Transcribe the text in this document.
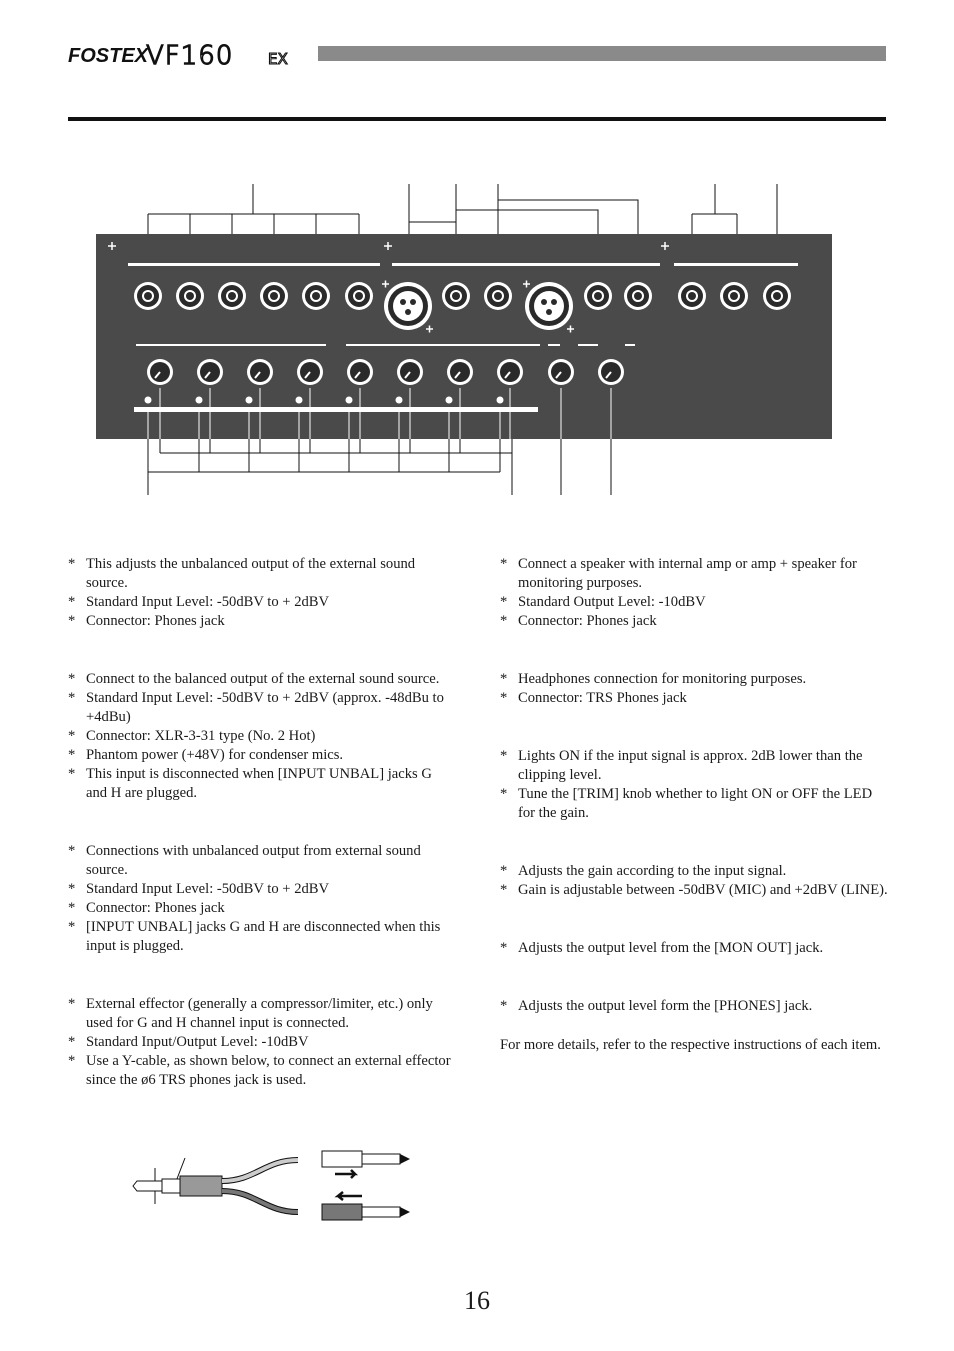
FOSTEX
VF160 EX
* This adjusts the unbalanced output of the external sound source.
* Standard Input Level: -50dBV to + 2dBV
* Connector: Phones jack
* Connect to the balanced output of the external sound source.
* Standard Input Level: -50dBV to + 2dBV (approx. -48dBu to +4dBu)
* Connector: XLR-3-31 type (No. 2 Hot)
* Phantom power (+48V) for condenser mics.
* This input is disconnected when [INPUT UNBAL] jacks G and H are plugged.
* Connections with unbalanced output from external sound source.
* Standard Input Level: -50dBV to + 2dBV
* Connector: Phones jack
* [INPUT UNBAL] jacks G and H are disconnected when this input is plugged.
* External effector (generally a compressor/limiter, etc.) only used for G and H channel input is connected.
* Standard Input/Output Level: -10dBV
* Use a Y-cable, as shown below, to connect an external effector since the ø6 TRS phones jack is used.
* Connect a speaker with internal amp or amp + speaker for monitoring purposes.
* Standard Output Level: -10dBV
* Connector: Phones jack
* Headphones connection for monitoring purposes.
* Connector: TRS Phones jack
* Lights ON if the input signal is approx. 2dB lower than the clipping level.
* Tune the [TRIM] knob whether to light ON or OFF the LED for the gain.
* Adjusts the gain according to the input signal.
* Gain is adjustable between -50dBV (MIC) and +2dBV (LINE).
* Adjusts the output level from the [MON OUT] jack.
* Adjusts the output level form the [PHONES] jack.
For more details, refer to the respective instructions of each item.
16
